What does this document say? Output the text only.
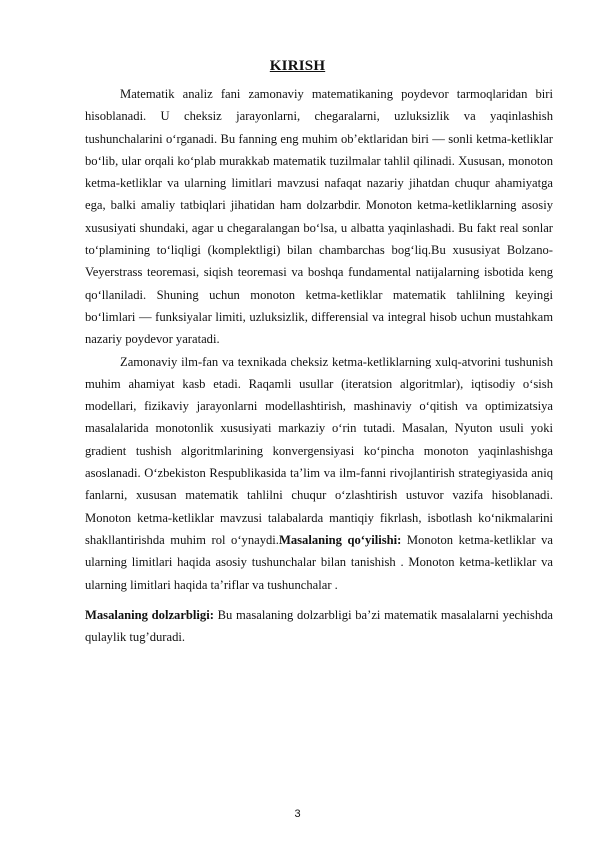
KIRISH

Matematik analiz fani zamonaviy matematikaning poydevor tarmoqlaridan biri hisoblanadi. U cheksiz jarayonlarni, chegaralarni, uzluksizlik va yaqinlashish tushunchalarini o‘rganadi. Bu fanning eng muhim ob’ektlaridan biri — sonli ketma-ketliklar bo‘lib, ular orqali ko‘plab murakkab matematik tuzilmalar tahlil qilinadi. Xususan, monoton ketma-ketliklar va ularning limitlari mavzusi nafaqat nazariy jihatdan chuqur ahamiyatga ega, balki amaliy tatbiqlari jihatidan ham dolzarbdir. Monoton ketma-ketliklarning asosiy xususiyati shundaki, agar u chegaralangan bo‘lsa, u albatta yaqinlashadi. Bu fakt real sonlar to‘plamining to‘liqligi (komplektligi) bilan chambarchas bog‘liq.Bu xususiyat Bolzano-Veyerstrass teoremasi, siqish teoremasi va boshqa fundamental natijalarning isbotida keng qo‘llaniladi. Shuning uchun monoton ketma-ketliklar matematik tahlilning keyingi bo‘limlari — funksiyalar limiti, uzluksizlik, differensial va integral hisob uchun mustahkam nazariy poydevor yaratadi.

Zamonaviy ilm-fan va texnikada cheksiz ketma-ketliklarning xulq-atvorini tushunish muhim ahamiyat kasb etadi. Raqamli usullar (iteratsion algoritmlar), iqtisodiy o‘sish modellari, fizikaviy jarayonlarni modellashtirish, mashinaviy o‘qitish va optimizatsiya masalalarida monotonlik xususiyati markaziy o‘rin tutadi. Masalan, Nyuton usuli yoki gradient tushish algoritmlarining konvergensiyasi ko‘pincha monoton yaqinlashishga asoslanadi. O‘zbekiston Respublikasida ta’lim va ilm-fanni rivojlantirish strategiyasida aniq fanlarni, xususan matematik tahlilni chuqur o‘zlashtirish ustuvor vazifa hisoblanadi. Monoton ketma-ketliklar mavzusi talabalarda mantiqiy fikrlash, isbotlash ko‘nikmalarini shakllantirishda muhim rol o‘ynaydi.Masalaning qo‘yilishi: Monoton ketma-ketliklar va ularning limitlari haqida asosiy tushunchalar bilan tanishish . Monoton ketma-ketliklar va ularning limitlari haqida ta’riflar va tushunchalar .

Masalaning dolzarbligi: Bu masalaning dolzarbligi ba’zi matematik masalalarni yechishda qulaylik tug’duradi.

3
